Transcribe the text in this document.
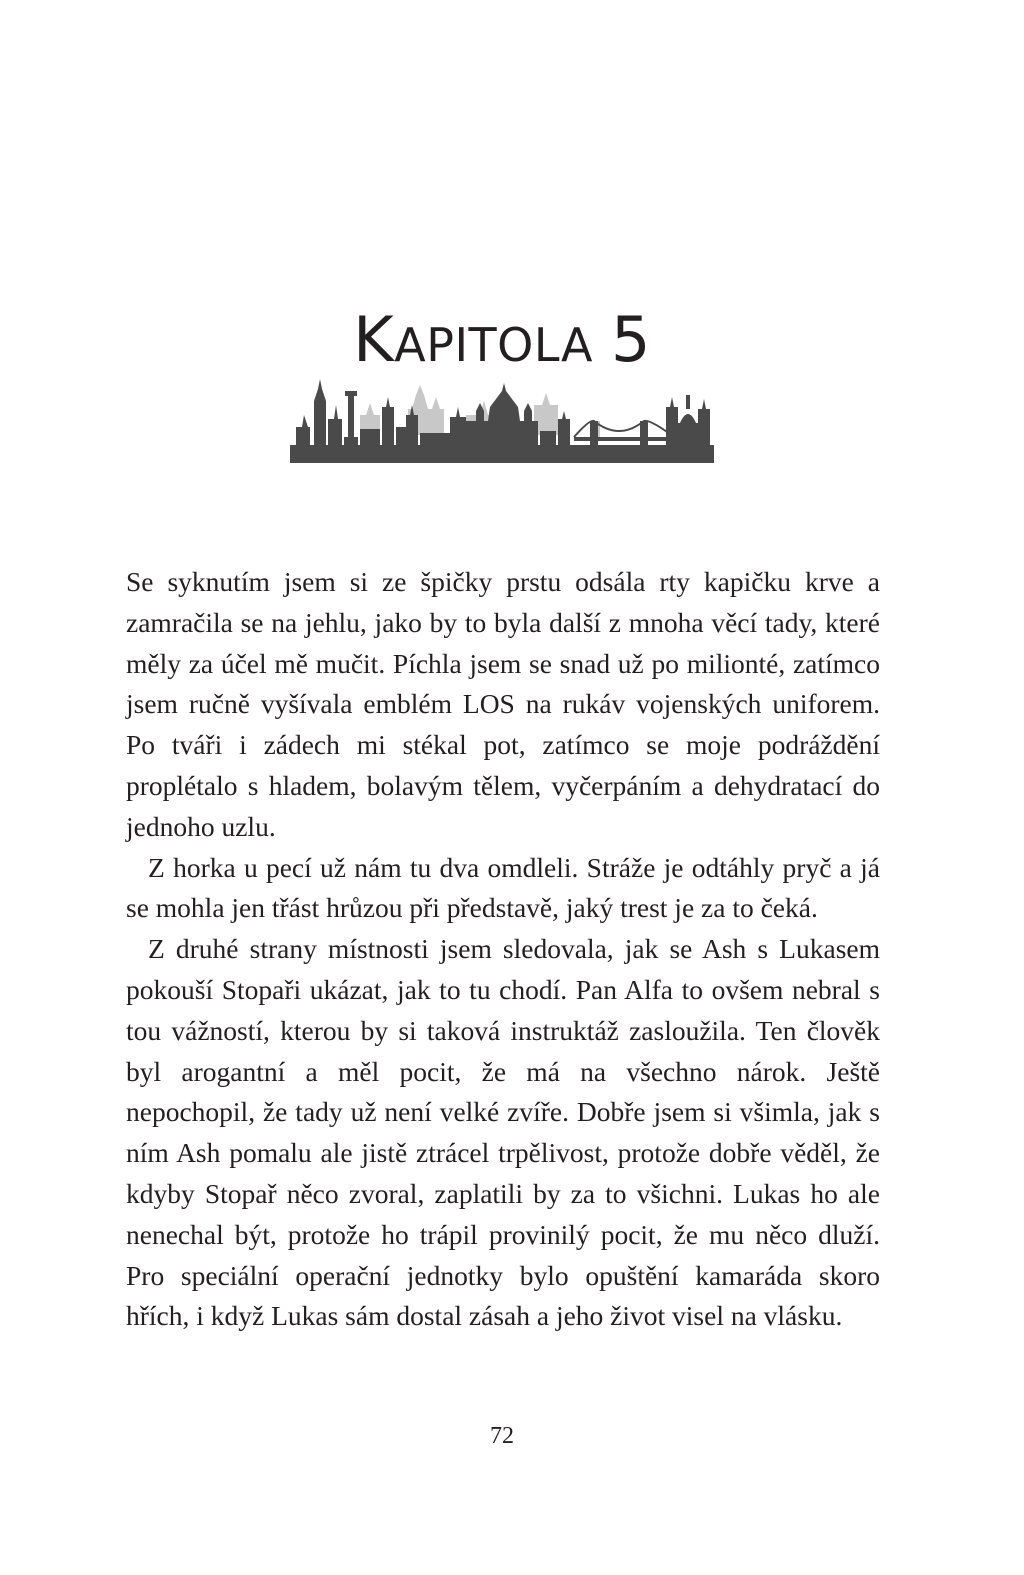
KAPITOLA 5

Se syknutím jsem si ze špičky prstu odsála rty kapičku krve a zamračila se na jehlu, jako by to byla další z mnoha věcí tady, které měly za účel mě mučit. Píchla jsem se snad už po milionté, zatímco jsem ručně vyšívala emblém LOS na rukáv vojenských uniforem. Po tváři i zádech mi stékal pot, zatímco se moje podráždění proplétalo s hladem, bolavým tělem, vyčerpáním a dehydratací do jednoho uzlu.

Z horka u pecí už nám tu dva omdleli. Stráže je odtáhly pryč a já se mohla jen třást hrůzou při představě, jaký trest je za to čeká.

Z druhé strany místnosti jsem sledovala, jak se Ash s Lukasem pokouší Stopaři ukázat, jak to tu chodí. Pan Alfa to ovšem nebral s tou vážností, kterou by si taková instruktáž zasloužila. Ten člověk byl arogantní a měl pocit, že má na všechno nárok. Ještě nepochopil, že tady už není velké zvíře. Dobře jsem si všimla, jak s ním Ash pomalu ale jistě ztrácel trpělivost, protože dobře věděl, že kdyby Stopař něco zvoral, zaplatili by za to všichni. Lukas ho ale nenechal být, protože ho trápil provinilý pocit, že mu něco dluží. Pro speciální operační jednotky bylo opuštění kamaráda skoro hřích, i když Lukas sám dostal zásah a jeho život visel na vlásku.

72
